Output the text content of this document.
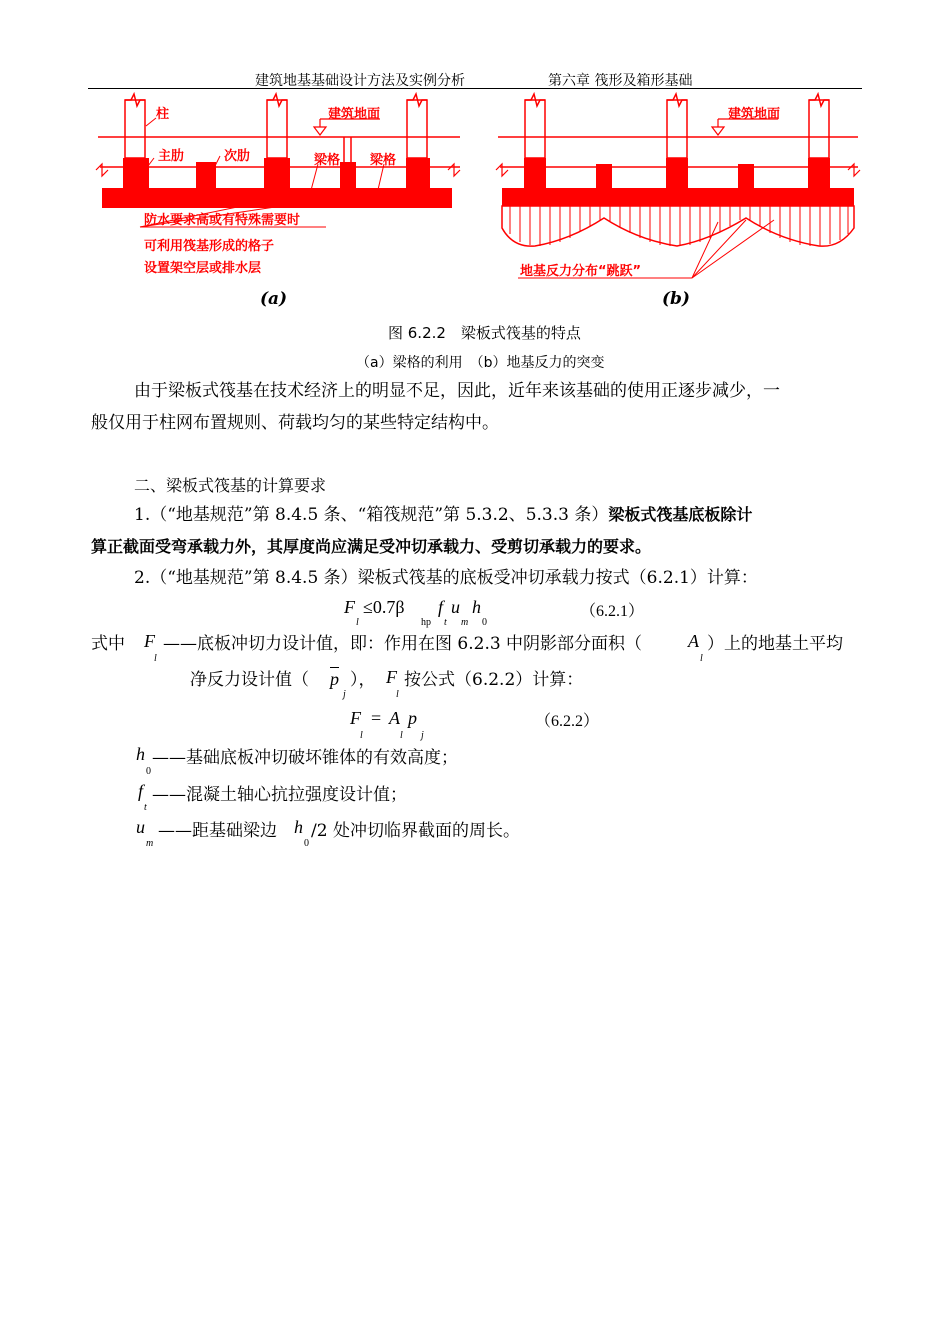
建筑地基基础设计方法及实例分析	第六章 筏形及箱形基础
柱	建筑地面
主肋	次肋	梁格 梁格
防水要求高或有特殊需要时
可利用筏基形成的格子
设置架空层或排水层
(a)
建筑地面
地基反力分布“跳跃”
(b)
图 6.2.2　梁板式筏基的特点
（a）梁格的利用　（b）地基反力的突变
由于梁板式筏基在技术经济上的明显不足，因此，近年来该基础的使用正逐步减少，一
般仅用于柱网布置规则、荷载均匀的某些特定结构中。
二、梁板式筏基的计算要求
1.（“地基规范”第 8.4.5 条、“箱筏规范”第 5.3.2、5.3.3 条）梁板式筏基底板除计
算正截面受弯承载力外，其厚度尚应满足受冲切承载力、受剪切承载力的要求。
2.（“地基规范”第 8.4.5 条）梁板式筏基的底板受冲切承载力按式（6.2.1）计算：
F
l
≤0.7β
hp
f
t
u
m
h
0
（6.2.1）
式中 F
l
——底板冲切力设计值，即：作用在图 6.2.3 中阴影部分面积（	A
l
）上的地基土平均
净反力设计值（ p
j
）， F
l
按公式（6.2.2）计算：
F
l
= A
l
p
j
（6.2.2）
h
0
——基础底板冲切破坏锥体的有效高度；
f
t
——混凝土轴心抗拉强度设计值；
u
m
——距基础梁边 h
0
/2 处冲切临界截面的周长。
